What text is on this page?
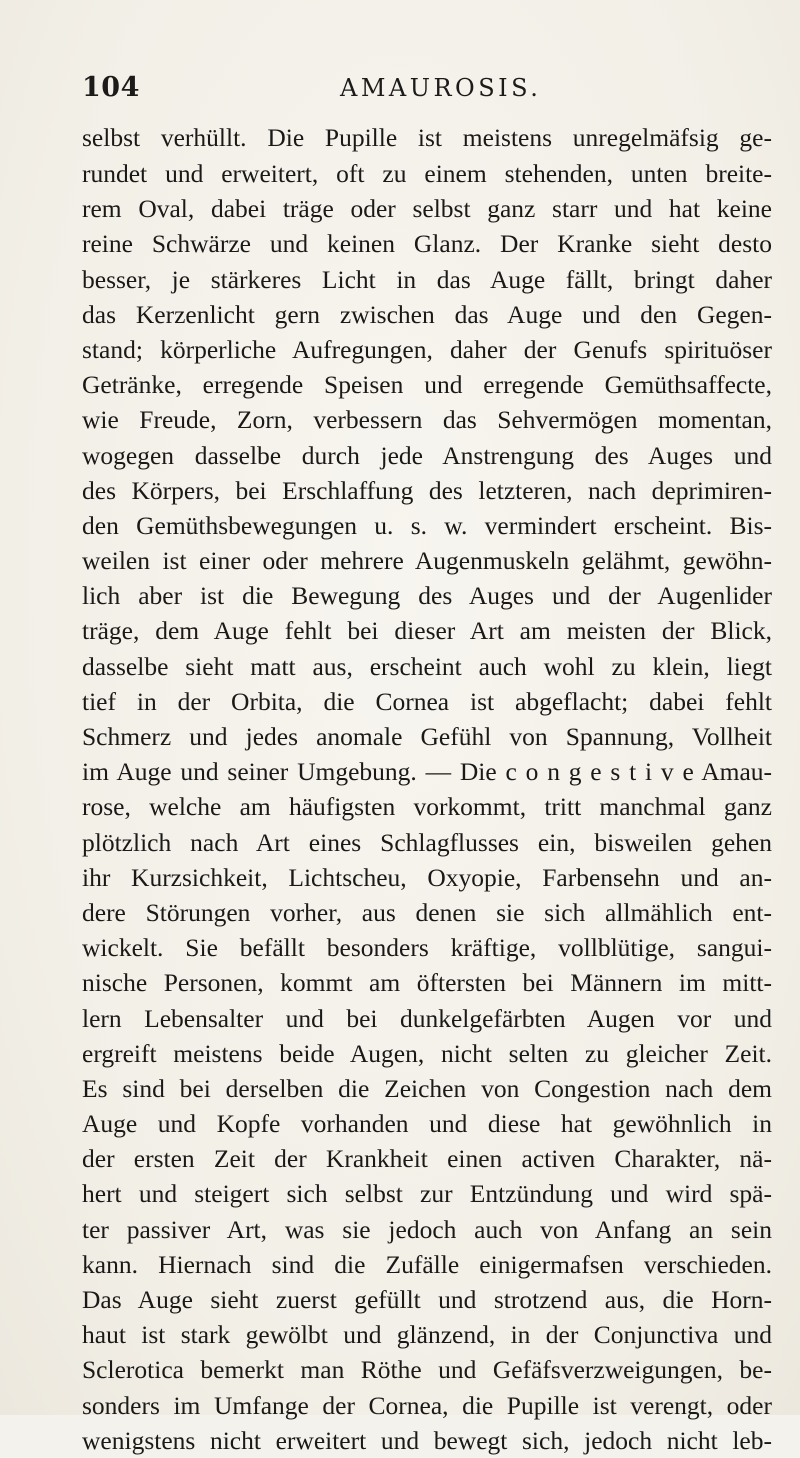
104	AMAUROSIS.
selbst verhüllt. Die Pupille ist meistens unregelmäfsig ge-
rundet und erweitert, oft zu einem stehenden, unten breite-
rem Oval, dabei träge oder selbst ganz starr und hat keine
reine Schwärze und keinen Glanz. Der Kranke sieht desto
besser, je stärkeres Licht in das Auge fällt, bringt daher
das Kerzenlicht gern zwischen das Auge und den Gegen-
stand; körperliche Aufregungen, daher der Genufs spirituöser
Getränke, erregende Speisen und erregende Gemüthsaffecte,
wie Freude, Zorn, verbessern das Sehvermögen momentan,
wogegen dasselbe durch jede Anstrengung des Auges und
des Körpers, bei Erschlaffung des letzteren, nach deprimiren-
den Gemüthsbewegungen u. s. w. vermindert erscheint. Bis-
weilen ist einer oder mehrere Augenmuskeln gelähmt, gewöhn-
lich aber ist die Bewegung des Auges und der Augenlider
träge, dem Auge fehlt bei dieser Art am meisten der Blick,
dasselbe sieht matt aus, erscheint auch wohl zu klein, liegt
tief in der Orbita, die Cornea ist abgeflacht; dabei fehlt
Schmerz und jedes anomale Gefühl von Spannung, Vollheit
im Auge und seiner Umgebung. — Die c o n g e s t i v e Amau-
rose, welche am häufigsten vorkommt, tritt manchmal ganz
plötzlich nach Art eines Schlagflusses ein, bisweilen gehen
ihr Kurzsichkeit, Lichtscheu, Oxyopie, Farbensehn und an-
dere Störungen vorher, aus denen sie sich allmählich ent-
wickelt. Sie befällt besonders kräftige, vollblütige, sangui-
nische Personen, kommt am öftersten bei Männern im mitt-
lern Lebensalter und bei dunkelgefärbten Augen vor und
ergreift meistens beide Augen, nicht selten zu gleicher Zeit.
Es sind bei derselben die Zeichen von Congestion nach dem
Auge und Kopfe vorhanden und diese hat gewöhnlich in
der ersten Zeit der Krankheit einen activen Charakter, nä-
hert und steigert sich selbst zur Entzündung und wird spä-
ter passiver Art, was sie jedoch auch von Anfang an sein
kann. Hiernach sind die Zufälle einigermafsen verschieden.
Das Auge sieht zuerst gefüllt und strotzend aus, die Horn-
haut ist stark gewölbt und glänzend, in der Conjunctiva und
Sclerotica bemerkt man Röthe und Gefäfsverzweigungen, be-
sonders im Umfange der Cornea, die Pupille ist verengt, oder
wenigstens nicht erweitert und bewegt sich, jedoch nicht leb-
